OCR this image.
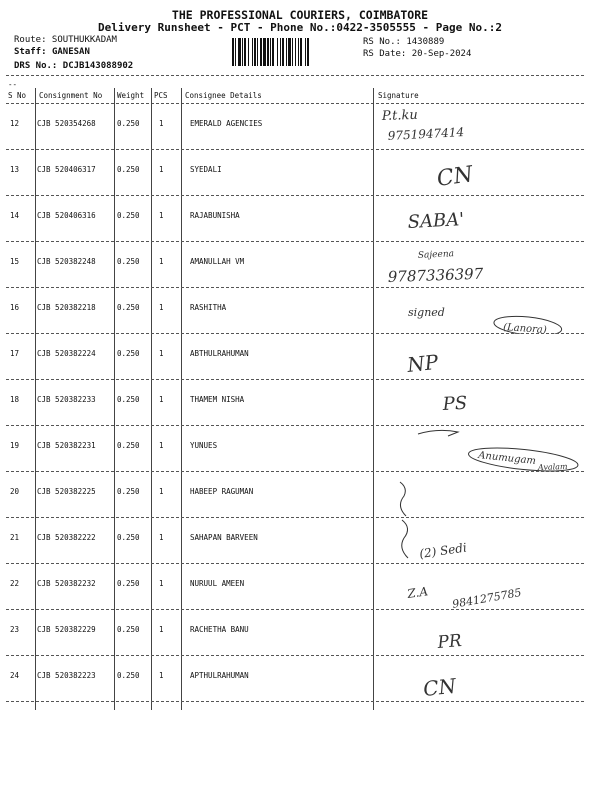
THE PROFESSIONAL COURIERS, COIMBATORE
Delivery Runsheet - PCT - Phone No.:0422-3505555 - Page No.:2
Route: SOUTHUKKADAM
Staff: GANESAN
DRS No.: DCJB143088902
RS No.: 1430889
RS Date: 20-Sep-2024
--
S No Consignment No Weight PCS Consignee Details	Signature
12 CJB 520354268	0.250	1	EMERALD AGENCIES	P.t.ku
9751947414
13 CJB 520406317	0.250	1	SYEDALI	CN
14 CJB 520406316	0.250	1	RAJABUNISHA	SABA'
15 CJB 520382248	0.250	1	AMANULLAH VM
Sajeena
9787336397
16 CJB 520382218	0.250	1	RASHITHA	signed
(Lanora)
17 CJB 520382224	0.250	1	ABTHULRAHUMAN	NP
18 CJB 520382233	0.250	1	THAMEM NISHA	PS
19 CJB 520382231	0.250	1	YUNUES
Anumugam Avalam
20 CJB 520382225	0.250	1	HABEEP RAGUMAN
21 CJB 520382222	0.250	1	SAHAPAN BARVEEN
(2) Sedi
22 CJB 520382232	0.250	1	NURUUL AMEEN
Z.A 9841275785
23 CJB 520382229	0.250	1	RACHETHA BANU
PR
24 CJB 520382223	0.250	1	APTHULRAHUMAN	CN
